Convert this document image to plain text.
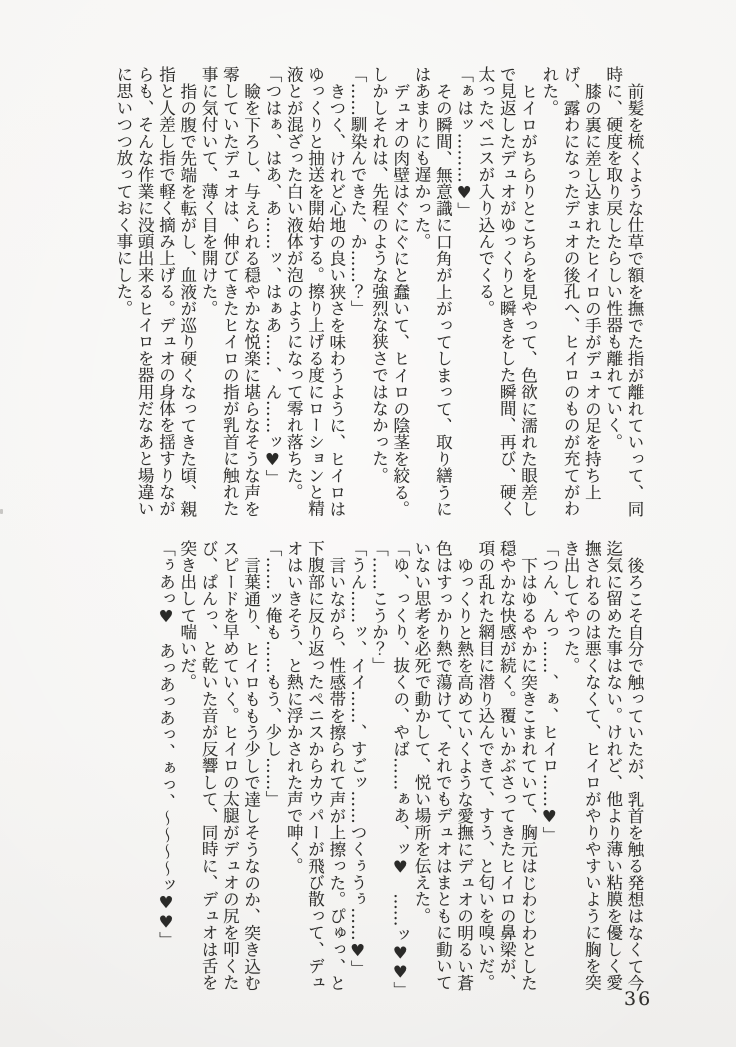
前髪を梳くような仕草で額を撫でた指が離れていって、同時に、硬度を取り戻したらしい性器も離れていく。

膝の裏に差し込まれたヒイロの手がデュオの足を持ち上げ、露わになったデュオの後孔へ、ヒイロのものが充てがわれた。

ヒイロがちらりとこちらを見やって、色欲に濡れた眼差しで見返したデュオがゆっくりと瞬きをした瞬間、再び、硬く太ったペニスが入り込んでくる。

「ぁはッ………♥」

その瞬間、無意識に口角が上がってしまって、取り繕うにはあまりにも遅かった。

デュオの肉壁はぐにぐにと蠢いて、ヒイロの陰茎を絞る。しかしそれは、先程のような強烈な狭さではなかった。

「……馴染んできた、か……？」

きつく、けれど心地の良い狭さを味わうように、ヒイロはゆっくりと抽送を開始する。擦り上げる度にローションと精液とが混ざった白い液体が泡のようになって零れ落ちた。

「つはぁ、はあ、あ……ッ、はぁあ……、ん……ッ♥」

瞼を下ろし、与えられる穏やかな悦楽に堪らなそうな声を零していたデュオは、伸びてきたヒイロの指が乳首に触れた事に気付いて、薄く目を開けた。

指の腹で先端を転がし、血液が巡り硬くなってきた頃、親指と人差し指で軽く摘み上げる。デュオの身体を揺すりながらも、そんな作業に没頭出来るヒイロを器用だなあと場違いに思いつつ放っておく事にした。

後ろこそ自分で触っていたが、乳首を触る発想はなくて今迄気に留めた事はない。けれど、他より薄い粘膜を優しく愛撫されるのは悪くなくて、ヒイロがやりやすいように胸を突き出してやった。

「つん、んっ……、ぁ、ヒイロ……♥」

下はゆるやかに突きこまれていて、胸元はじわじわとした穏やかな快感が続く。覆いかぶさってきたヒイロの鼻梁が、項の乱れた網目に潜り込んできて、すう、と匂いを嗅いだ。

ゆっくりと熱を高めていくような愛撫にデュオの明るい蒼色はすっかり熱で蕩けて、それでもデュオはまともに動いていない思考を必死で動かして、悦い場所を伝えた。

「ゆ、っくり、抜くの、やば……ぁあ、ッ♥　……ッ♥♥」

「……こうか？」

「うん……ッ、イイ……、すごッ……つくぅうぅ……♥」

言いながら、性感帯を擦られて声が上擦った。ぴゅっ、と下腹部に反り返ったペニスからカウパーが飛び散って、デュオはいきそう、と熱に浮かされた声で呻く。

「……ッ俺も……もう、少し……」

言葉通り、ヒイロももう少しで達しそうなのか、突き込むスピードを早めていく。ヒイロの太腿がデュオの尻を叩くたび、ぱんっ、と乾いた音が反響して、同時に、デュオは舌を突き出して喘いだ。

「ぅあっ♥　あっあっあっ、ぁっ、～～～～ッ♥♥」

36
